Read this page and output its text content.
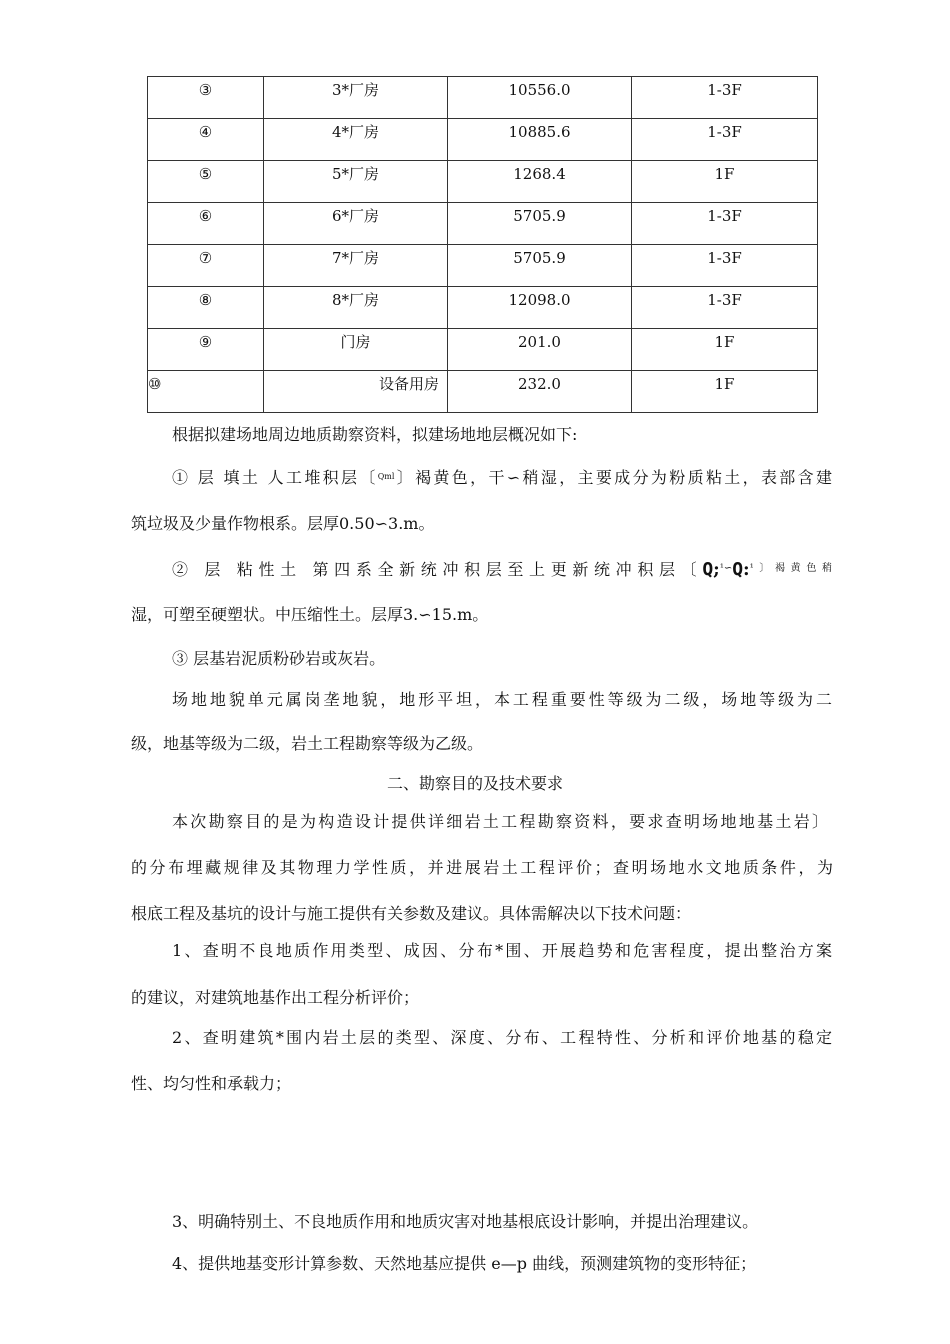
③	3*厂房	10556.0	1-3F
④	4*厂房	10885.6	1-3F
⑤	5*厂房	1268.4	1F
⑥	6*厂房	5705.9	1-3F
⑦	7*厂房	5705.9	1-3F
⑧	8*厂房	12098.0	1-3F
⑨	门房	201.0	1F
⑩	设备用房	232.0	1F

根据拟建场地周边地质勘察资料，拟建场地地层概况如下:

① 层 填土 人工堆积层〔$^{Qml}$〕褐黄色，干∽稍湿，主要成分为粉质粘土，表部含建

筑垃圾及少量作物根系。层厚0.50∽3.m。

② 层 粘性土 第四系全新统冲积层至上更新统冲积层〔Q;$^{^1∽}$Q:$^{^1〕褐黄色稍}$

湿，可塑至硬塑状。中压缩性土。层厚3.∽15.m。

③ 层基岩泥质粉砂岩或灰岩。

场地地貌单元属岗垄地貌，地形平坦，本工程重要性等级为二级，场地等级为二

级，地基等级为二级，岩土工程勘察等级为乙级。

二、勘察目的及技术要求

本次勘察目的是为构造设计提供详细岩土工程勘察资料，要求查明场地地基土岩〕

的分布埋藏规律及其物理力学性质，并进展岩土工程评价；查明场地水文地质条件，为

根底工程及基坑的设计与施工提供有关参数及建议。具体需解决以下技术问题：

1、查明不良地质作用类型、成因、分布*围、开展趋势和危害程度，提出整治方案

的建议，对建筑地基作出工程分析评价；

2、查明建筑*围内岩土层的类型、深度、分布、工程特性、分析和评价地基的稳定

性、均匀性和承载力；

3、明确特别土、不良地质作用和地质灾害对地基根底设计影响，并提出治理建议。

4、提供地基变形计算参数、天然地基应提供 e—p 曲线，预测建筑物的变形特征；
